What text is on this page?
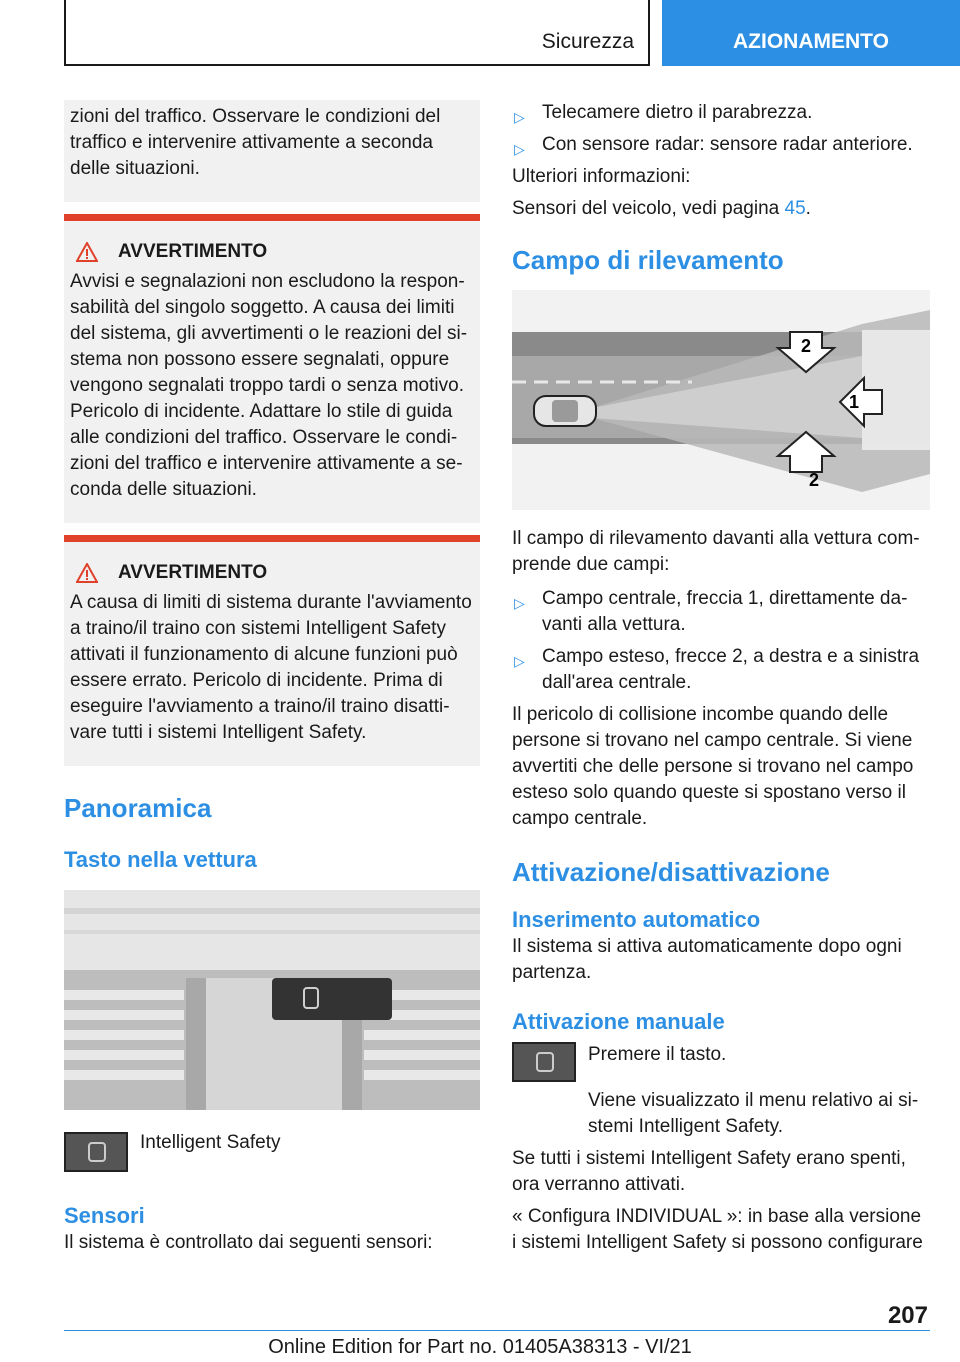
Sicurezza	AZIONAMENTO
zioni del traffico. Osservare le condizioni del traffico e intervenire attivamente a seconda delle situazioni.
AVVERTIMENTO
Avvisi e segnalazioni non escludono la respon-sabilità del singolo soggetto. A causa dei limiti del sistema, gli avvertimenti o le reazioni del si-stema non possono essere segnalati, oppure vengono segnalati troppo tardi o senza motivo. Pericolo di incidente. Adattare lo stile di guida alle condizioni del traffico. Osservare le condi-zioni del traffico e intervenire attivamente a se-conda delle situazioni.
AVVERTIMENTO
A causa di limiti di sistema durante l'avviamento a traino/il traino con sistemi Intelligent Safety attivati il funzionamento di alcune funzioni può essere errato. Pericolo di incidente. Prima di eseguire l'avviamento a traino/il traino disatti-vare tutti i sistemi Intelligent Safety.
Panoramica
Tasto nella vettura

Intelligent Safety

Sensori

Il sistema è controllato dai seguenti sensori:

▷ Telecamere dietro il parabrezza.
▷ Con sensore radar: sensore radar anteriore.

Ulteriori informazioni:

Sensori del veicolo, vedi pagina 45.

Campo di rilevamento
2
1
2

Il campo di rilevamento davanti alla vettura com-prende due campi:

▷ Campo centrale, freccia 1, direttamente da-vanti alla vettura.
▷ Campo esteso, frecce 2, a destra e a sinistra dall'area centrale.

Il pericolo di collisione incombe quando delle persone si trovano nel campo centrale. Si viene avvertiti che delle persone si trovano nel campo esteso solo quando queste si spostano verso il campo centrale.

Attivazione/disattivazione
Inserimento automatico

Il sistema si attiva automaticamente dopo ogni partenza.

Attivazione manuale

Premere il tasto.

Viene visualizzato il menu relativo ai si-stemi Intelligent Safety.

Se tutti i sistemi Intelligent Safety erano spenti, ora verranno attivati.

« Configura INDIVIDUAL »: in base alla versione i sistemi Intelligent Safety si possono configurare

207
Online Edition for Part no. 01405A38313 - VI/21
